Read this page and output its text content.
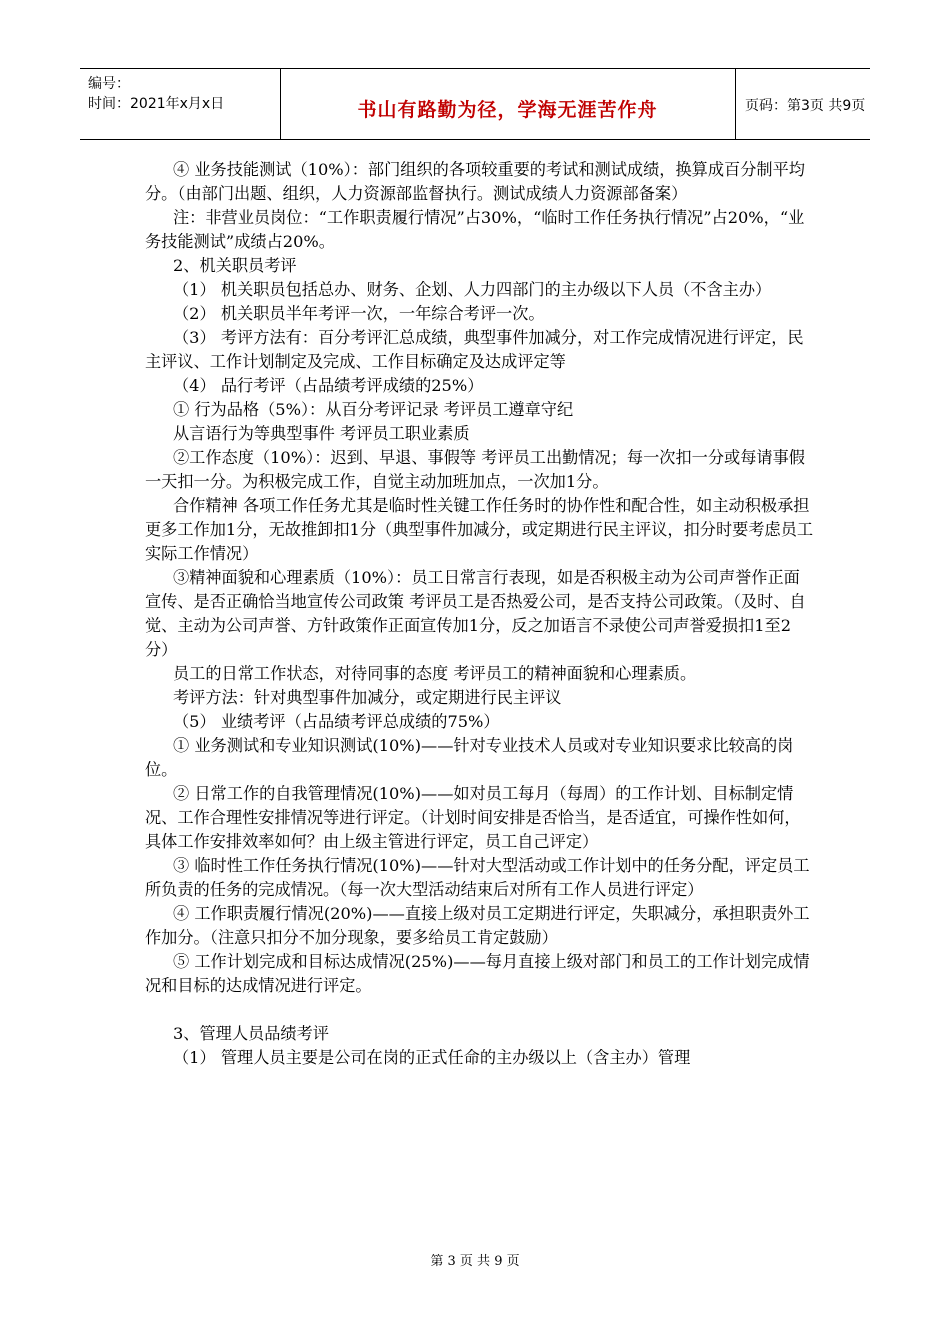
编号：
时间：2021年x月x日	书山有路勤为径，学海无涯苦作舟	页码：第3页 共9页

④ 业务技能测试（10%）：部门组织的各项较重要的考试和测试成绩，换算成百分制平均分。（由部门出题、组织，人力资源部监督执行。测试成绩人力资源部备案）

注：非营业员岗位：“工作职责履行情况”占30%，“临时工作任务执行情况”占20%，“业务技能测试”成绩占20%。

2、机关职员考评

（1） 机关职员包括总办、财务、企划、人力四部门的主办级以下人员（不含主办）

（2） 机关职员半年考评一次，一年综合考评一次。

（3） 考评方法有：百分考评汇总成绩，典型事件加减分，对工作完成情况进行评定，民主评议、工作计划制定及完成、工作目标确定及达成评定等

（4） 品行考评（占品绩考评成绩的25%）

① 行为品格（5%）：从百分考评记录 考评员工遵章守纪

从言语行为等典型事件 考评员工职业素质

②工作态度（10%）：迟到、早退、事假等 考评员工出勤情况；每一次扣一分或每请事假一天扣一分。为积极完成工作，自觉主动加班加点，一次加1分。

合作精神 各项工作任务尤其是临时性关键工作任务时的协作性和配合性，如主动积极承担更多工作加1分，无故推卸扣1分（典型事件加减分，或定期进行民主评议，扣分时要考虑员工实际工作情况）

③精神面貌和心理素质（10%）：员工日常言行表现，如是否积极主动为公司声誉作正面宣传、是否正确恰当地宣传公司政策 考评员工是否热爱公司，是否支持公司政策。（及时、自觉、主动为公司声誉、方针政策作正面宣传加1分，反之加语言不录使公司声誉爱损扣1至2分）

员工的日常工作状态，对待同事的态度 考评员工的精神面貌和心理素质。

考评方法：针对典型事件加减分，或定期进行民主评议

（5） 业绩考评（占品绩考评总成绩的75%）

① 业务测试和专业知识测试(10%)——针对专业技术人员或对专业知识要求比较高的岗位。

② 日常工作的自我管理情况(10%)——如对员工每月（每周）的工作计划、目标制定情况、工作合理性安排情况等进行评定。（计划时间安排是否恰当，是否适宜，可操作性如何，具体工作安排效率如何？由上级主管进行评定，员工自己评定）

③ 临时性工作任务执行情况(10%)——针对大型活动或工作计划中的任务分配，评定员工所负责的任务的完成情况。（每一次大型活动结束后对所有工作人员进行评定）

④ 工作职责履行情况(20%)——直接上级对员工定期进行评定，失职减分，承担职责外工作加分。（注意只扣分不加分现象，要多给员工肯定鼓励）

⑤ 工作计划完成和目标达成情况(25%)——每月直接上级对部门和员工的工作计划完成情况和目标的达成情况进行评定。

3、管理人员品绩考评

（1） 管理人员主要是公司在岗的正式任命的主办级以上（含主办）管理

第 3 页 共 9 页
